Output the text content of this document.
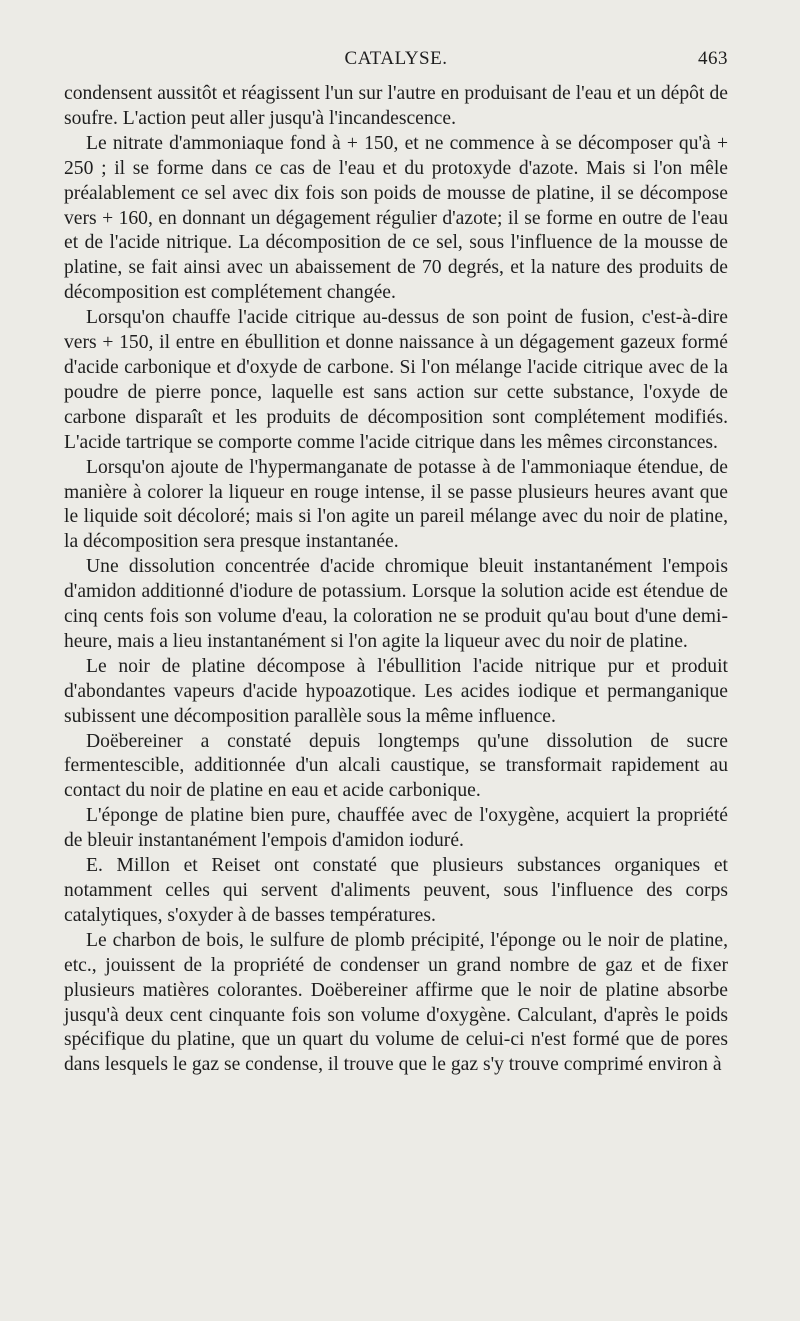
CATALYSE.	463

condensent aussitôt et réagissent l'un sur l'autre en produisant de l'eau et un dépôt de soufre. L'action peut aller jusqu'à l'incandescence.

Le nitrate d'ammoniaque fond à + 150, et ne commence à se décomposer qu'à + 250 ; il se forme dans ce cas de l'eau et du protoxyde d'azote. Mais si l'on mêle préalablement ce sel avec dix fois son poids de mousse de platine, il se décompose vers + 160, en donnant un dégagement régulier d'azote; il se forme en outre de l'eau et de l'acide nitrique. La décomposition de ce sel, sous l'influence de la mousse de platine, se fait ainsi avec un abaissement de 70 degrés, et la nature des produits de décomposition est complétement changée.

Lorsqu'on chauffe l'acide citrique au-dessus de son point de fusion, c'est-à-dire vers + 150, il entre en ébullition et donne naissance à un dégagement gazeux formé d'acide carbonique et d'oxyde de carbone. Si l'on mélange l'acide citrique avec de la poudre de pierre ponce, laquelle est sans action sur cette substance, l'oxyde de carbone disparaît et les produits de décomposition sont complétement modifiés. L'acide tartrique se comporte comme l'acide citrique dans les mêmes circonstances.

Lorsqu'on ajoute de l'hypermanganate de potasse à de l'ammoniaque étendue, de manière à colorer la liqueur en rouge intense, il se passe plusieurs heures avant que le liquide soit décoloré; mais si l'on agite un pareil mélange avec du noir de platine, la décomposition sera presque instantanée.

Une dissolution concentrée d'acide chromique bleuit instantanément l'empois d'amidon additionné d'iodure de potassium. Lorsque la solution acide est étendue de cinq cents fois son volume d'eau, la coloration ne se produit qu'au bout d'une demi-heure, mais a lieu instantanément si l'on agite la liqueur avec du noir de platine.

Le noir de platine décompose à l'ébullition l'acide nitrique pur et produit d'abondantes vapeurs d'acide hypoazotique. Les acides iodique et permanganique subissent une décomposition parallèle sous la même influence.

Doëbereiner a constaté depuis longtemps qu'une dissolution de sucre fermentescible, additionnée d'un alcali caustique, se transformait rapidement au contact du noir de platine en eau et acide carbonique.

L'éponge de platine bien pure, chauffée avec de l'oxygène, acquiert la propriété de bleuir instantanément l'empois d'amidon ioduré.

E. Millon et Reiset ont constaté que plusieurs substances organiques et notamment celles qui servent d'aliments peuvent, sous l'influence des corps catalytiques, s'oxyder à de basses températures.

Le charbon de bois, le sulfure de plomb précipité, l'éponge ou le noir de platine, etc., jouissent de la propriété de condenser un grand nombre de gaz et de fixer plusieurs matières colorantes. Doëbereiner affirme que le noir de platine absorbe jusqu'à deux cent cinquante fois son volume d'oxygène. Calculant, d'après le poids spécifique du platine, que un quart du volume de celui-ci n'est formé que de pores dans lesquels le gaz se condense, il trouve que le gaz s'y trouve comprimé environ à
